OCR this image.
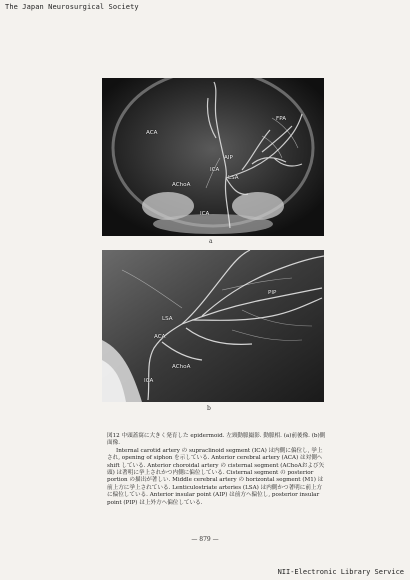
The Japan Neurosurgical Society
ACA
FPA
AIP
ICA
LSA
AChoA
ICA
a
PIP
LSA
ACA
AChoA
ICA
b

図12 中頭蓋窩に大きく発育した epidermoid. 左頸動脈撮影. 動脈相. (a)前後像. (b)側面像.

Internal carotid artery の supraclinoid segment (ICA) は内側に偏位し, 挙上され, opening of siphon を示している. Anterior cerebral artery (ACA) は対側へ shift している. Anterior choroidal artery の cisternal segment (AChoAおよび矢頭) は著明に挙上されかつ内側に偏位している. Cisternal segment の posterior portion の描出が著しい. Middle cerebral artery の horizontal segment (M1) は前上方に挙上されている. Lenticulostriate arteries (LSA) は内側かつ著明に前上方に偏位している. Anterior insular point (AIP) は前方へ偏位し, posterior insular point (PIP) は上外方へ偏位している.

— 879 —
NII-Electronic Library Service
